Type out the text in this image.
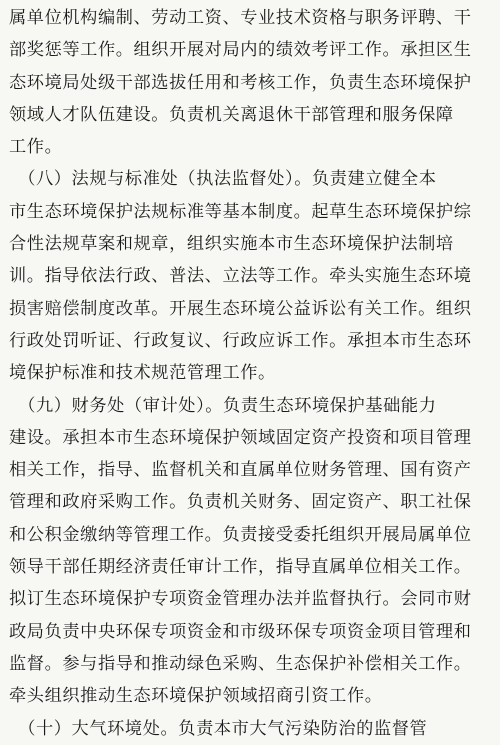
属单位机构编制、劳动工资、专业技术资格与职务评聘、干
部奖惩等工作。组织开展对局内的绩效考评工作。承担区生
态环境局处级干部选拔任用和考核工作，负责生态环境保护
领域人才队伍建设。负责机关离退休干部管理和服务保障
工作。
　（八）法规与标准处（执法监督处）。负责建立健全本
市生态环境保护法规标准等基本制度。起草生态环境保护综
合性法规草案和规章，组织实施本市生态环境保护法制培
训。指导依法行政、普法、立法等工作。牵头实施生态环境
损害赔偿制度改革。开展生态环境公益诉讼有关工作。组织
行政处罚听证、行政复议、行政应诉工作。承担本市生态环
境保护标准和技术规范管理工作。
　（九）财务处（审计处）。负责生态环境保护基础能力
建设。承担本市生态环境保护领域固定资产投资和项目管理
相关工作，指导、监督机关和直属单位财务管理、国有资产
管理和政府采购工作。负责机关财务、固定资产、职工社保
和公积金缴纳等管理工作。负责接受委托组织开展局属单位
领导干部任期经济责任审计工作，指导直属单位相关工作。
拟订生态环境保护专项资金管理办法并监督执行。会同市财
政局负责中央环保专项资金和市级环保专项资金项目管理和
监督。参与指导和推动绿色采购、生态保护补偿相关工作。
牵头组织推动生态环境保护领域招商引资工作。
　（十）大气环境处。负责本市大气污染防治的监督管
